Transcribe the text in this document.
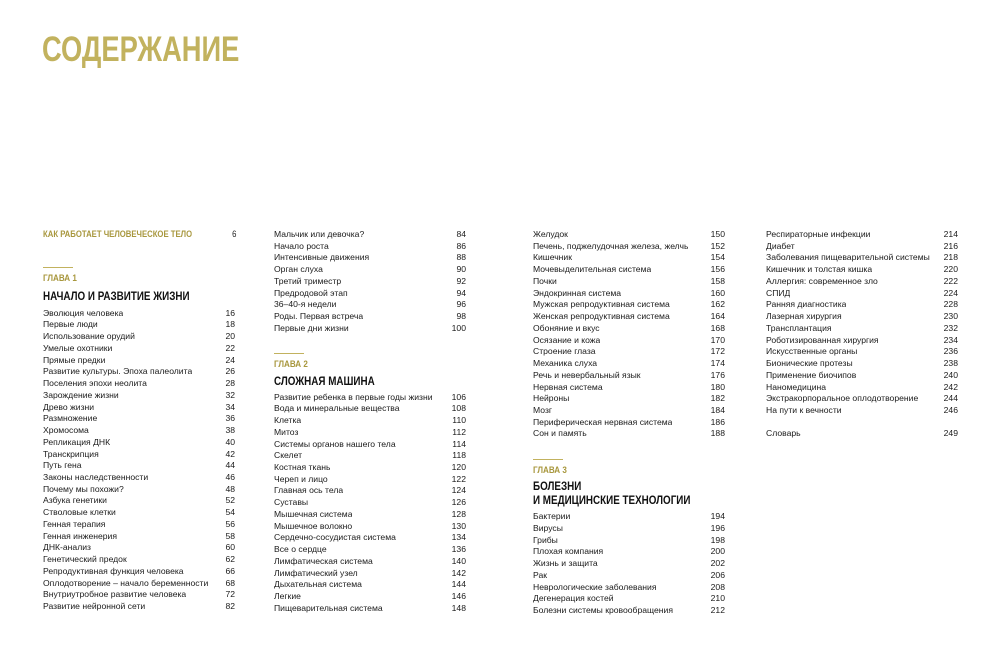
СОДЕРЖАНИЕ
КАК РАБОТАЕТ ЧЕЛОВЕЧЕСКОЕ ТЕЛО	6
ГЛАВА 1
НАЧАЛО И РАЗВИТИЕ ЖИЗНИ
Эволюция человека	16
Первые люди	18
Использование орудий	20
Умелые охотники	22
Прямые предки	24
Развитие культуры. Эпоха палеолита	26
Поселения эпохи неолита	28
Зарождение жизни	32
Древо жизни	34
Размножение	36
Хромосома	38
Репликация ДНК	40
Транскрипция	42
Путь гена	44
Законы наследственности	46
Почему мы похожи?	48
Азбука генетики	52
Стволовые клетки	54
Генная терапия	56
Генная инженерия	58
ДНК-анализ	60
Генетический предок	62
Репродуктивная функция человека	66
Оплодотворение – начало беременности 68
Внутриутробное развитие человека	72
Развитие нейронной сети	82
Мальчик или девочка?	84
Начало роста	86
Интенсивные движения	88
Орган слуха	90
Третий триместр	92
Предродовой этап	94
36–40-я недели	96
Роды. Первая встреча	98
Первые дни жизни	100
ГЛАВА 2
СЛОЖНАЯ МАШИНА
Развитие ребенка в первые годы жизни 106
Вода и минеральные вещества	108
Клетка	110
Митоз	112
Системы органов нашего тела	114
Скелет	118
Костная ткань	120
Череп и лицо	122
Главная ось тела	124
Суставы	126
Мышечная система	128
Мышечное волокно	130
Сердечно-сосудистая система	134
Все о сердце	136
Лимфатическая система	140
Лимфатический узел	142
Дыхательная система	144
Легкие	146
Пищеварительная система	148
Желудок	150
Печень, поджелудочная железа, желчь	152
Кишечник	154
Мочевыделительная система	156
Почки	158
Эндокринная система	160
Мужская репродуктивная система	162
Женская репродуктивная система	164
Обоняние и вкус	168
Осязание и кожа	170
Строение глаза	172
Механика слуха	174
Речь и невербальный язык	176
Нервная система	180
Нейроны	182
Мозг	184
Периферическая нервная система	186
Сон и память	188
ГЛАВА 3
БОЛЕЗНИ
И МЕДИЦИНСКИЕ ТЕХНОЛОГИИ
Бактерии	194
Вирусы	196
Грибы	198
Плохая компания	200
Жизнь и защита	202
Рак	206
Неврологические заболевания	208
Дегенерация костей	210
Болезни системы кровообращения	212
Респираторные инфекции	214
Диабет	216
Заболевания пищеварительной системы 218
Кишечник и толстая кишка	220
Аллергия: современное зло	222
СПИД	224
Ранняя диагностика	228
Лазерная хирургия	230
Трансплантация	232
Роботизированная хирургия	234
Искусственные органы	236
Бионические протезы	238
Применение биочипов	240
Наномедицина	242
Экстракорпоральное оплодотворение	244
На пути к вечности	246
Словарь	249
